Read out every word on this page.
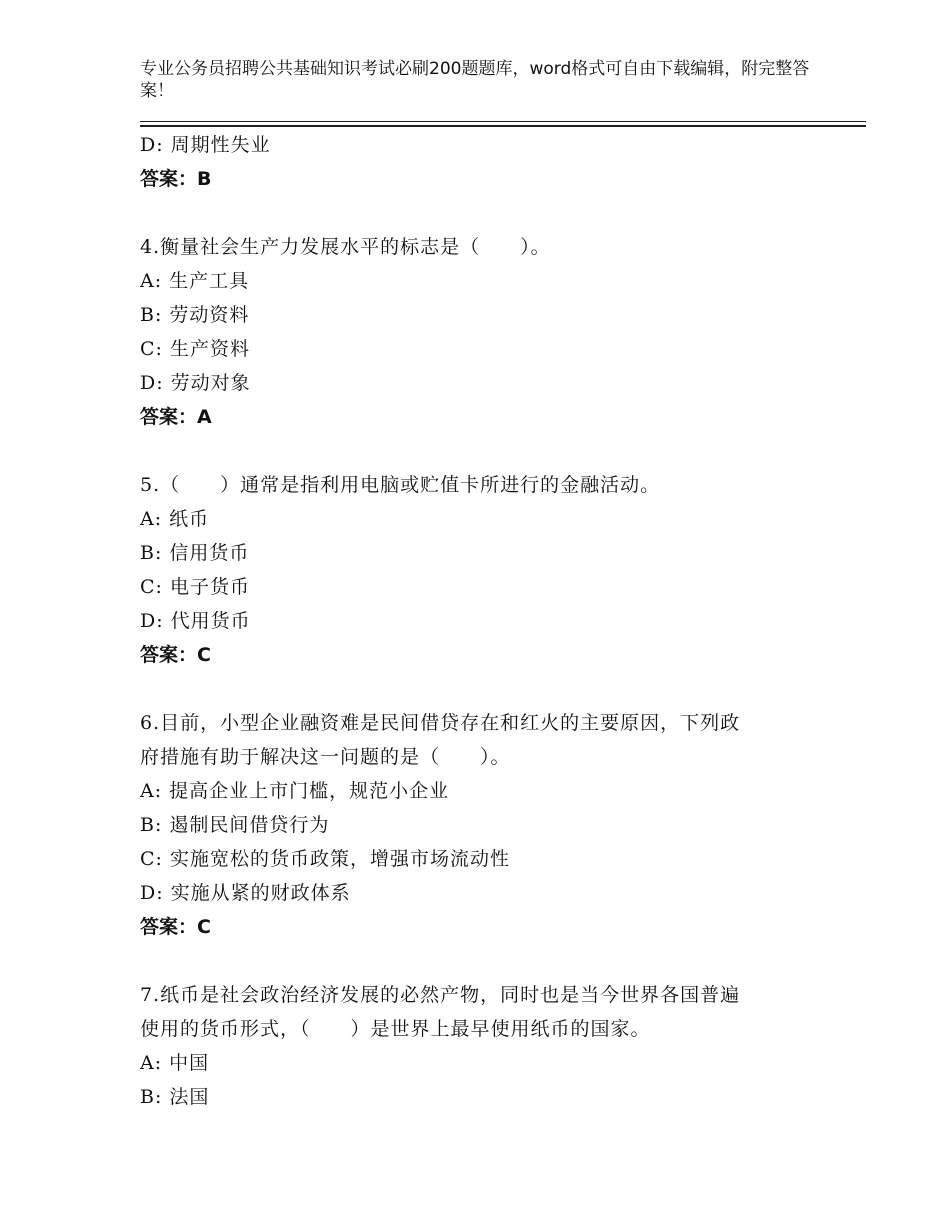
专业公务员招聘公共基础知识考试必刷200题题库，word格式可自由下载编辑，附完整答案！
D: 周期性失业
答案：B
4.衡量社会生产力发展水平的标志是（　　）。
A: 生产工具
B: 劳动资料
C: 生产资料
D: 劳动对象
答案：A
5.（　　）通常是指利用电脑或贮值卡所进行的金融活动。
A: 纸币
B: 信用货币
C: 电子货币
D: 代用货币
答案：C
6.目前，小型企业融资难是民间借贷存在和红火的主要原因，下列政
府措施有助于解决这一问题的是（　　）。
A: 提高企业上市门槛，规范小企业
B: 遏制民间借贷行为
C: 实施宽松的货币政策，增强市场流动性
D: 实施从紧的财政体系
答案：C
7.纸币是社会政治经济发展的必然产物，同时也是当今世界各国普遍
使用的货币形式，（　　）是世界上最早使用纸币的国家。
A: 中国
B: 法国
